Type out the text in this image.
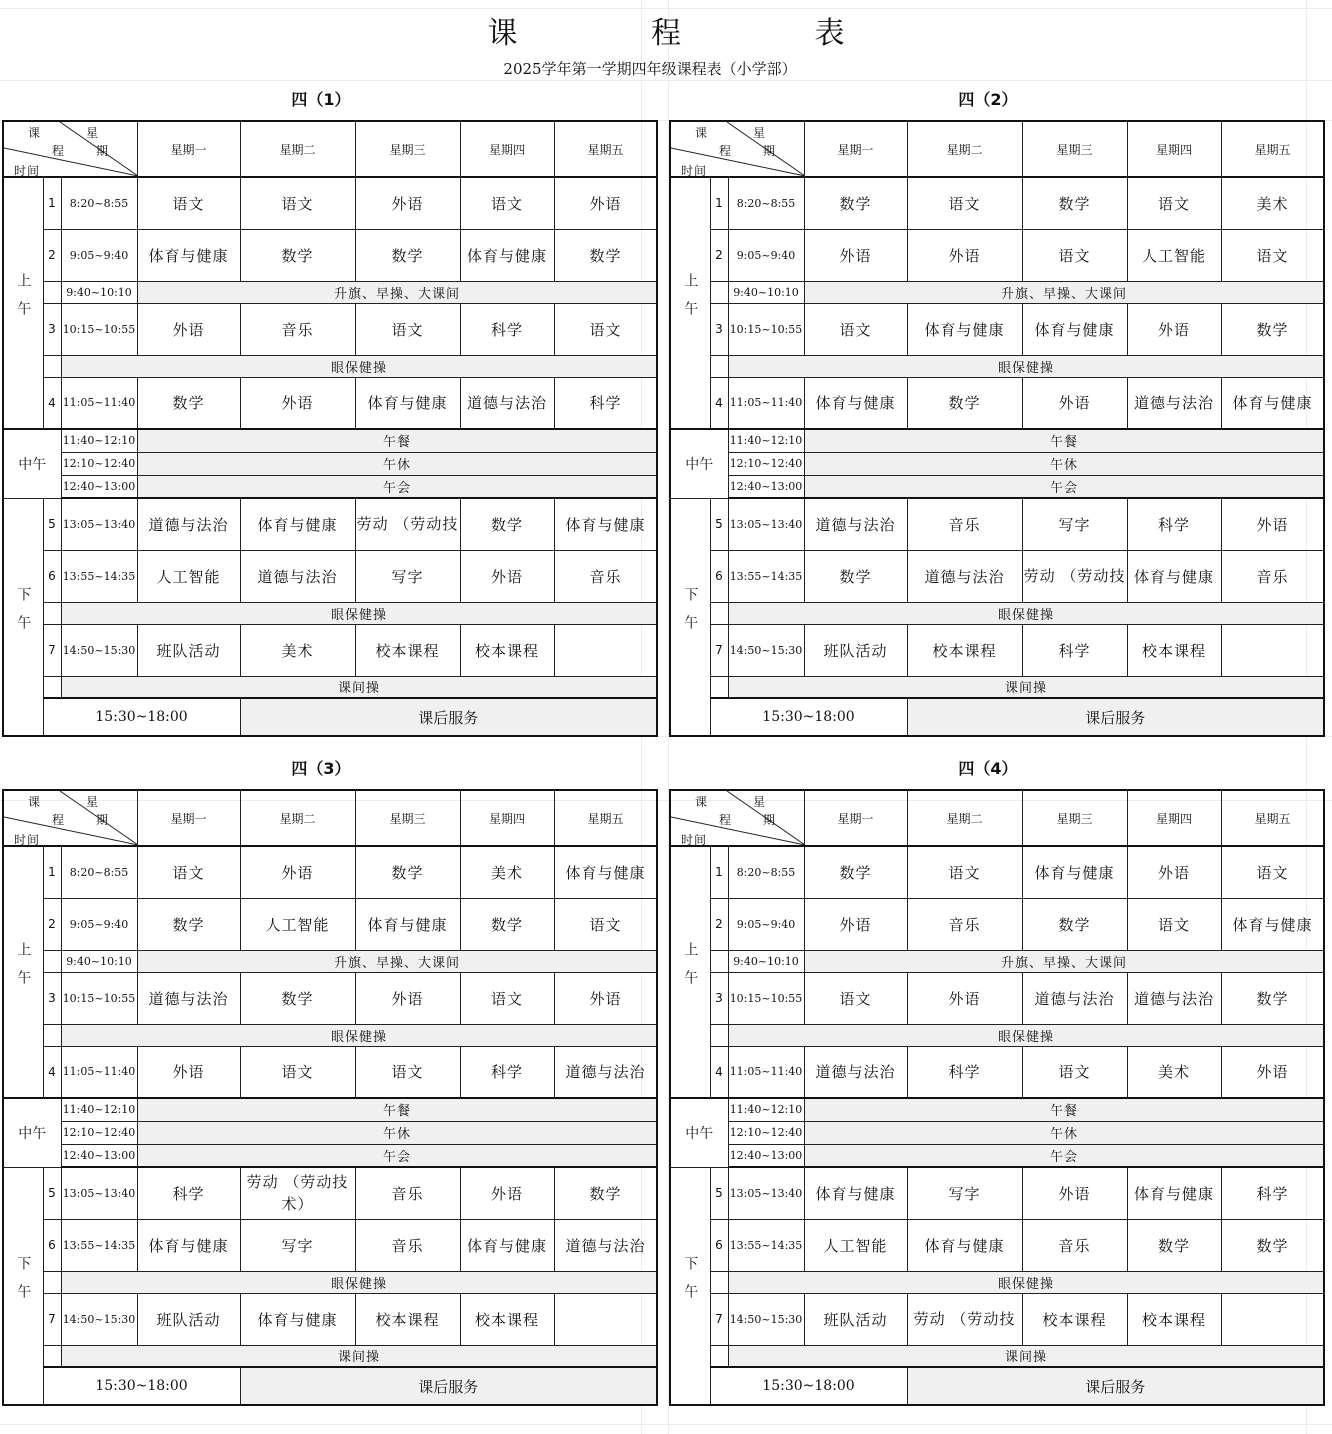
课 程 表
2025学年第一学期四年级课程表（小学部）
四（1）
课
程
星
期
时间			星期一	星期二	星期三	星期四	星期五
上午	1	8:20~8:55	语文	语文	外语	语文	外语
	2	9:05~9:40	体育与健康	数学	数学	体育与健康	数学
		9:40~10:10	升旗、早操、大课间				
	3	10:15~10:55	外语	音乐	语文	科学	语文
		眼保健操					
	4	11:05~11:40	数学	外语	体育与健康	道德与法治	科学
中午		11:40~12:10	午餐				
		12:10~12:40	午休				
		12:40~13:00	午会				
下午	5	13:05~13:40	道德与法治	体育与健康	劳动 （劳动技	数学	体育与健康
	6	13:55~14:35	人工智能	道德与法治	写字	外语	音乐
		眼保健操					
	7	14:50~15:30	班队活动	美术	校本课程	校本课程	
		课间操					
	15:30~18:00			课后服务			
四（2）
课
程
星
期
时间			星期一	星期二	星期三	星期四	星期五
上午	1	8:20~8:55	数学	语文	数学	语文	美术
	2	9:05~9:40	外语	外语	语文	人工智能	语文
		9:40~10:10	升旗、早操、大课间				
	3	10:15~10:55	语文	体育与健康	体育与健康	外语	数学
		眼保健操					
	4	11:05~11:40	体育与健康	数学	外语	道德与法治	体育与健康
中午		11:40~12:10	午餐				
		12:10~12:40	午休				
		12:40~13:00	午会				
下午	5	13:05~13:40	道德与法治	音乐	写字	科学	外语
	6	13:55~14:35	数学	道德与法治	劳动 （劳动技	体育与健康	音乐
		眼保健操					
	7	14:50~15:30	班队活动	校本课程	科学	校本课程	
		课间操					
	15:30~18:00			课后服务			
四（3）
课
程
星
期
时间			星期一	星期二	星期三	星期四	星期五
上午	1	8:20~8:55	语文	外语	数学	美术	体育与健康
	2	9:05~9:40	数学	人工智能	体育与健康	数学	语文
		9:40~10:10	升旗、早操、大课间				
	3	10:15~10:55	道德与法治	数学	外语	语文	外语
		眼保健操					
	4	11:05~11:40	外语	语文	语文	科学	道德与法治
中午		11:40~12:10	午餐				
		12:10~12:40	午休				
		12:40~13:00	午会				
下午	5	13:05~13:40	科学	劳动 （劳动技术）	音乐	外语	数学
	6	13:55~14:35	体育与健康	写字	音乐	体育与健康	道德与法治
		眼保健操					
	7	14:50~15:30	班队活动	体育与健康	校本课程	校本课程	
		课间操					
	15:30~18:00			课后服务			
四（4）
课
程
星
期
时间			星期一	星期二	星期三	星期四	星期五
上午	1	8:20~8:55	数学	语文	体育与健康	外语	语文
	2	9:05~9:40	外语	音乐	数学	语文	体育与健康
		9:40~10:10	升旗、早操、大课间				
	3	10:15~10:55	语文	外语	道德与法治	道德与法治	数学
		眼保健操					
	4	11:05~11:40	道德与法治	科学	语文	美术	外语
中午		11:40~12:10	午餐				
		12:10~12:40	午休				
		12:40~13:00	午会				
下午	5	13:05~13:40	体育与健康	写字	外语	体育与健康	科学
	6	13:55~14:35	人工智能	体育与健康	音乐	数学	数学
		眼保健操					
	7	14:50~15:30	班队活动	劳动 （劳动技	校本课程	校本课程	
		课间操					
	15:30~18:00			课后服务			
